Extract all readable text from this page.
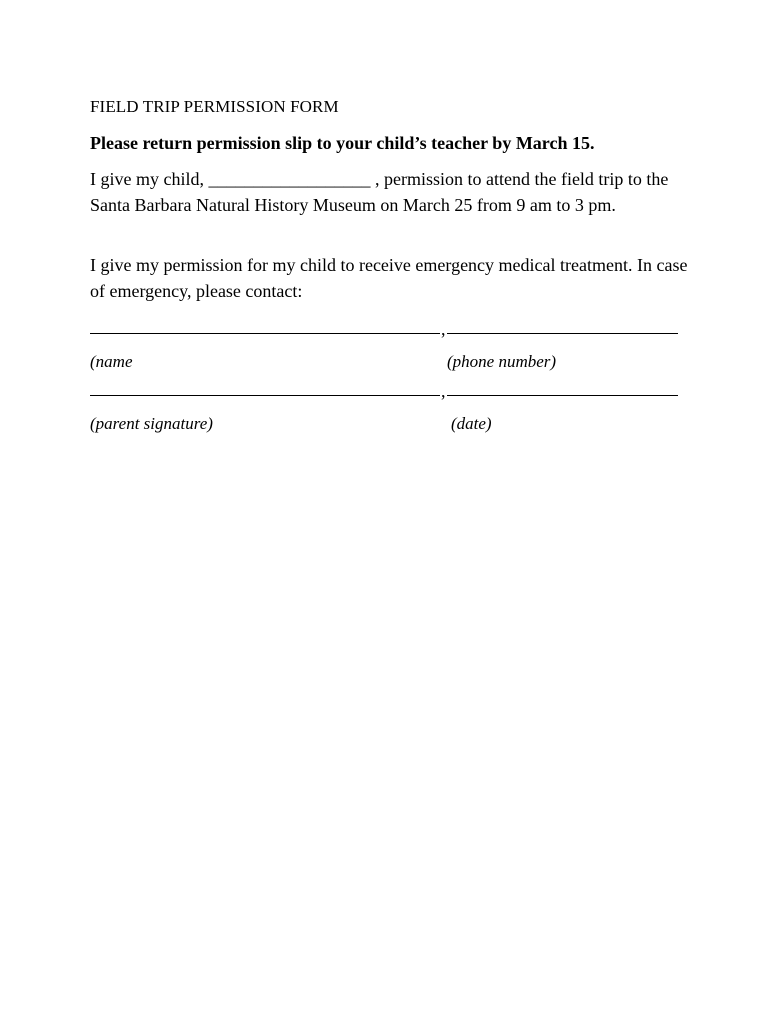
FIELD TRIP PERMISSION FORM
Please return permission slip to your child’s teacher by March 15.
I give my child, __________________ , permission to attend the field trip to the Santa Barbara Natural History Museum on March 25 from 9 am to 3 pm.
I give my permission for my child to receive emergency medical treatment. In case of emergency, please contact:
,
(name	(phone number)
,
(parent signature)	(date)
